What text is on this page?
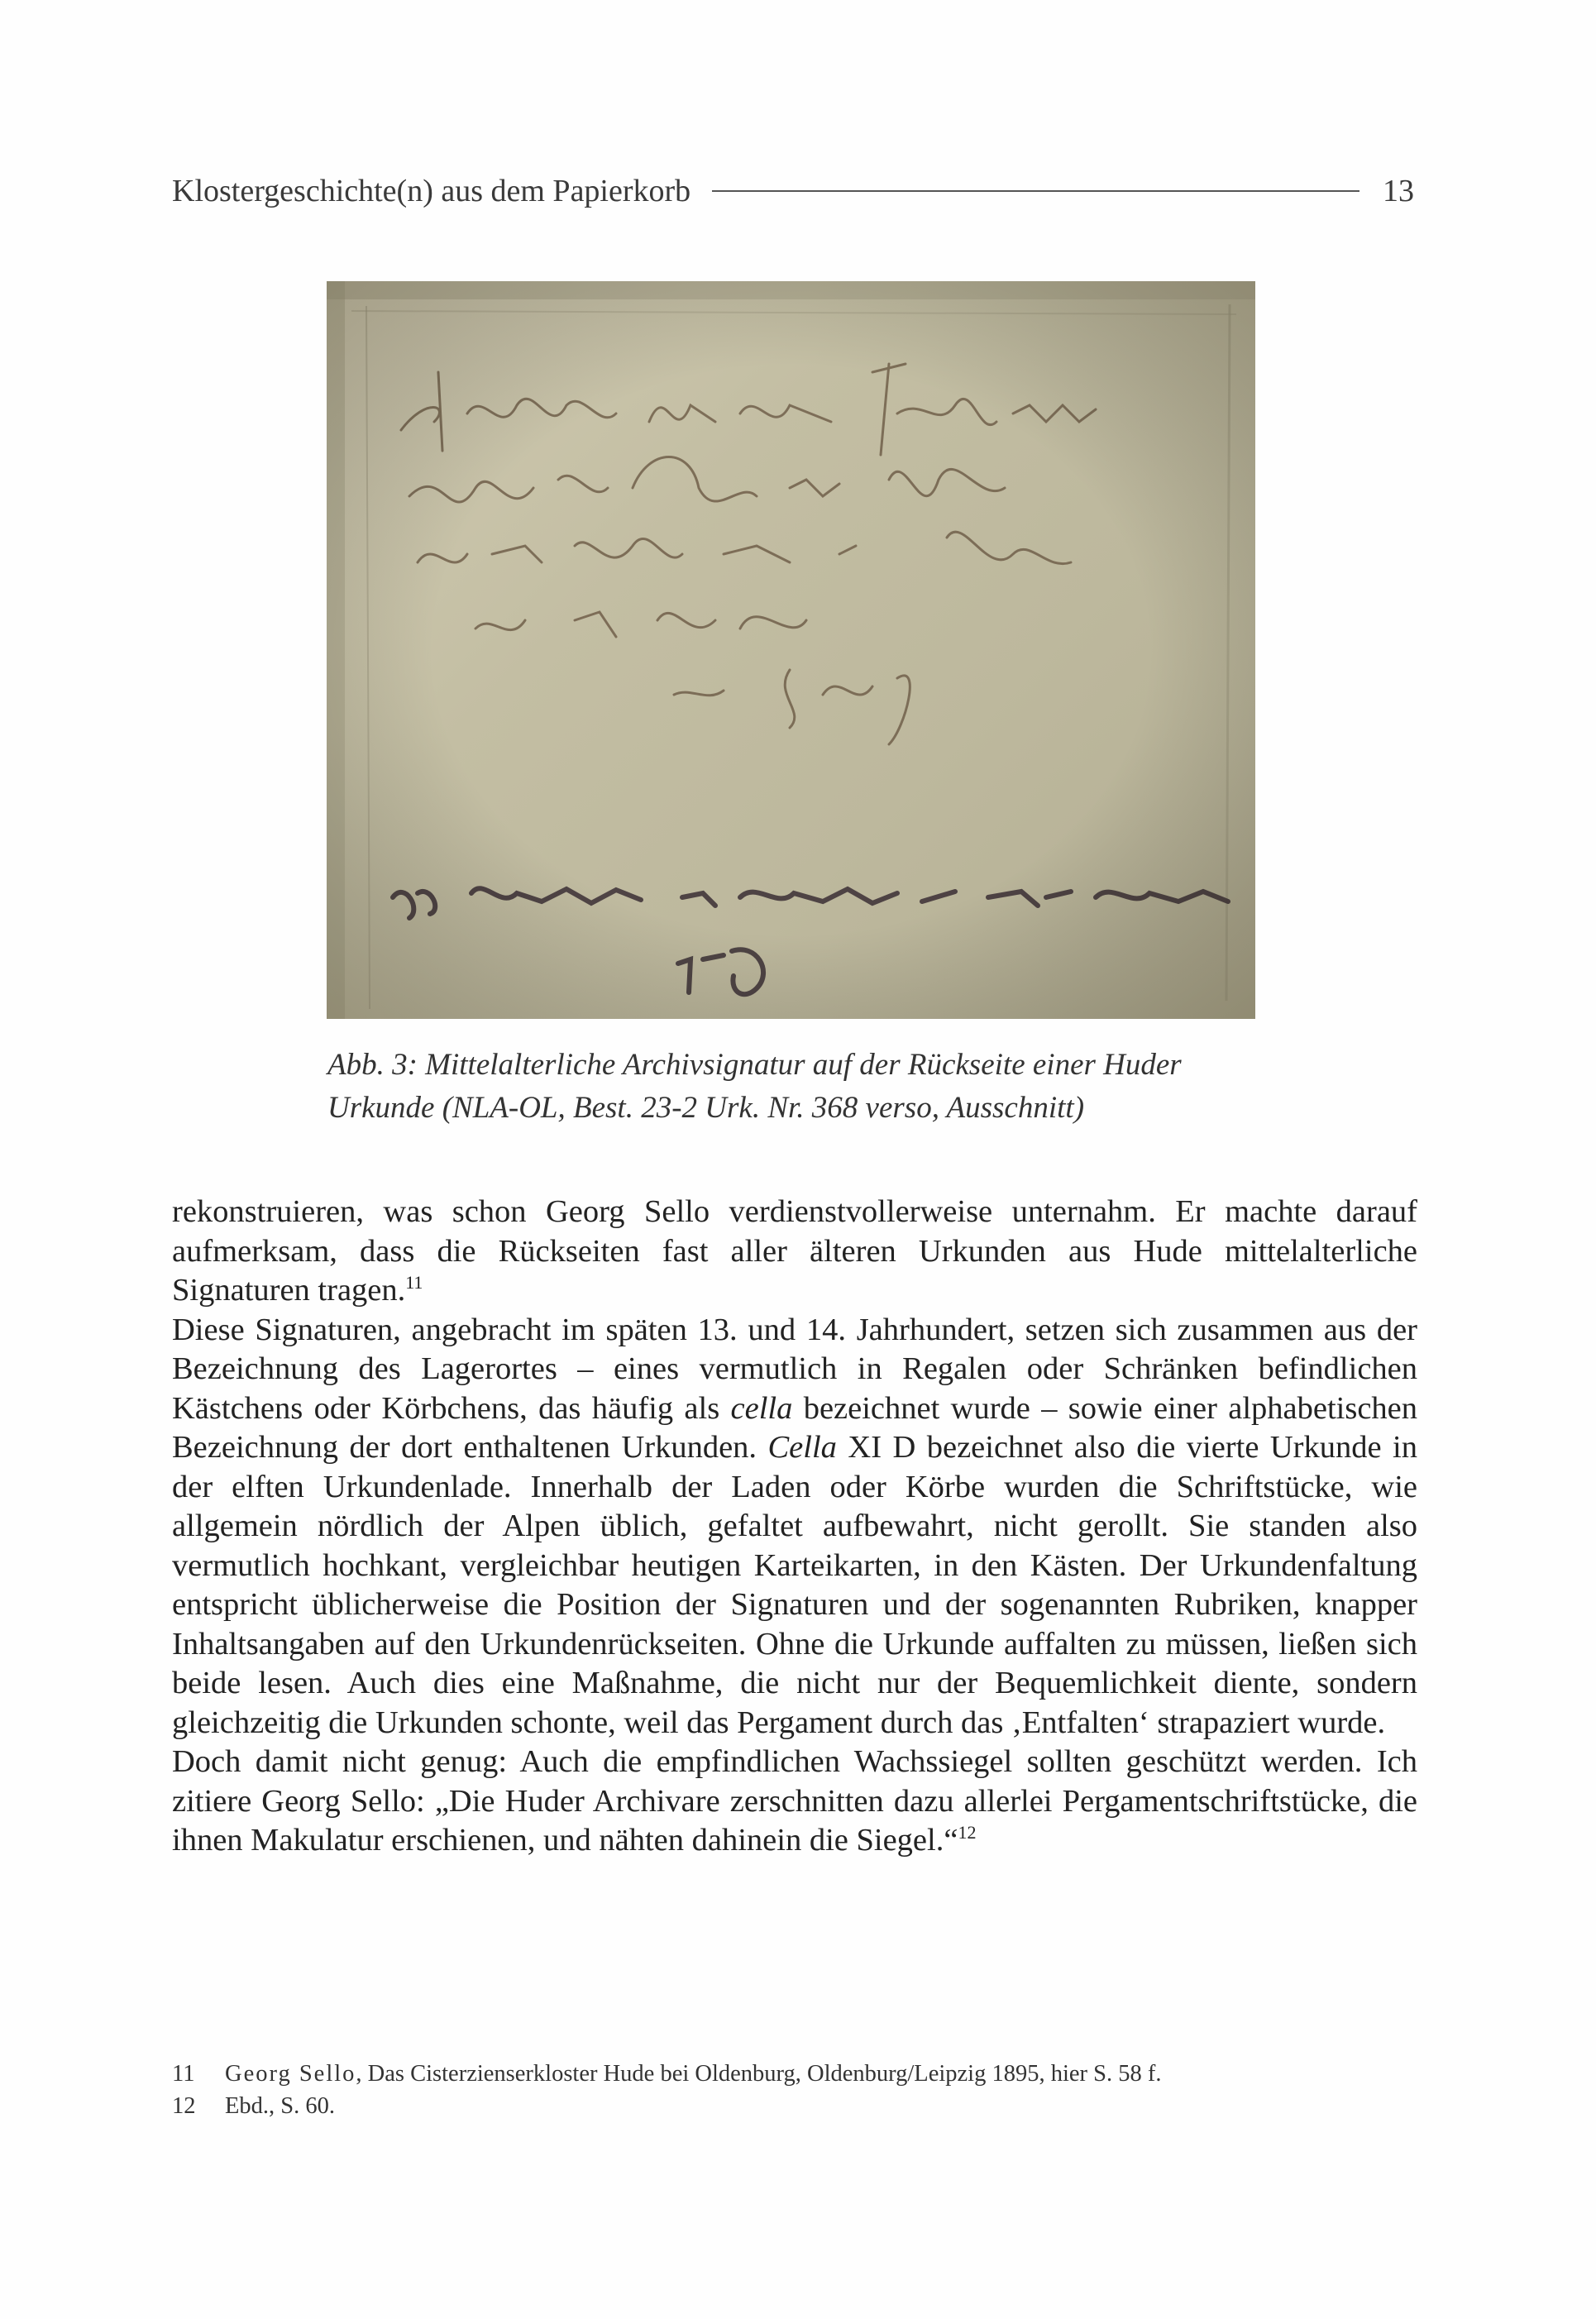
Klostergeschichte(n) aus dem Papierkorb	13
Abb. 3: Mittelalterliche Archivsignatur auf der Rückseite einer Huder
Urkunde (NLA-OL, Best. 23-2 Urk. Nr. 368 verso, Ausschnitt)

rekonstruieren, was schon Georg Sello verdienstvollerweise unternahm. Er machte darauf aufmerksam, dass die Rückseiten fast aller älteren Urkunden aus Hude mittelalterliche Signaturen tragen.$^{11}$

Diese Signaturen, angebracht im späten 13. und 14. Jahrhundert, setzen sich zusammen aus der Bezeichnung des Lagerortes – eines vermutlich in Regalen oder Schränken befindlichen Kästchens oder Körbchens, das häufig als cella bezeichnet wurde – sowie einer alphabetischen Bezeichnung der dort enthaltenen Urkunden. Cella XI D bezeichnet also die vierte Urkunde in der elften Urkundenlade. Innerhalb der Laden oder Körbe wurden die Schriftstücke, wie allgemein nördlich der Alpen üblich, gefaltet aufbewahrt, nicht gerollt. Sie standen also vermutlich hochkant, vergleichbar heutigen Karteikarten, in den Kästen. Der Urkundenfaltung entspricht üblicherweise die Position der Signaturen und der sogenannten Rubriken, knapper Inhaltsangaben auf den Urkundenrückseiten. Ohne die Urkunde auffalten zu müssen, ließen sich beide lesen. Auch dies eine Maßnahme, die nicht nur der Bequemlichkeit diente, sondern gleichzeitig die Urkunden schonte, weil das Pergament durch das ‚Entfalten‘ strapaziert wurde.

Doch damit nicht genug: Auch die empfindlichen Wachssiegel sollten geschützt werden. Ich zitiere Georg Sello: „Die Huder Archivare zerschnitten dazu allerlei Pergamentschriftstücke, die ihnen Makulatur erschienen, und nähten dahinein die Siegel.“$^{12}$

11	Georg Sello, Das Cisterzienserkloster Hude bei Oldenburg, Oldenburg/Leipzig 1895, hier S. 58 f.
12	Ebd., S. 60.
